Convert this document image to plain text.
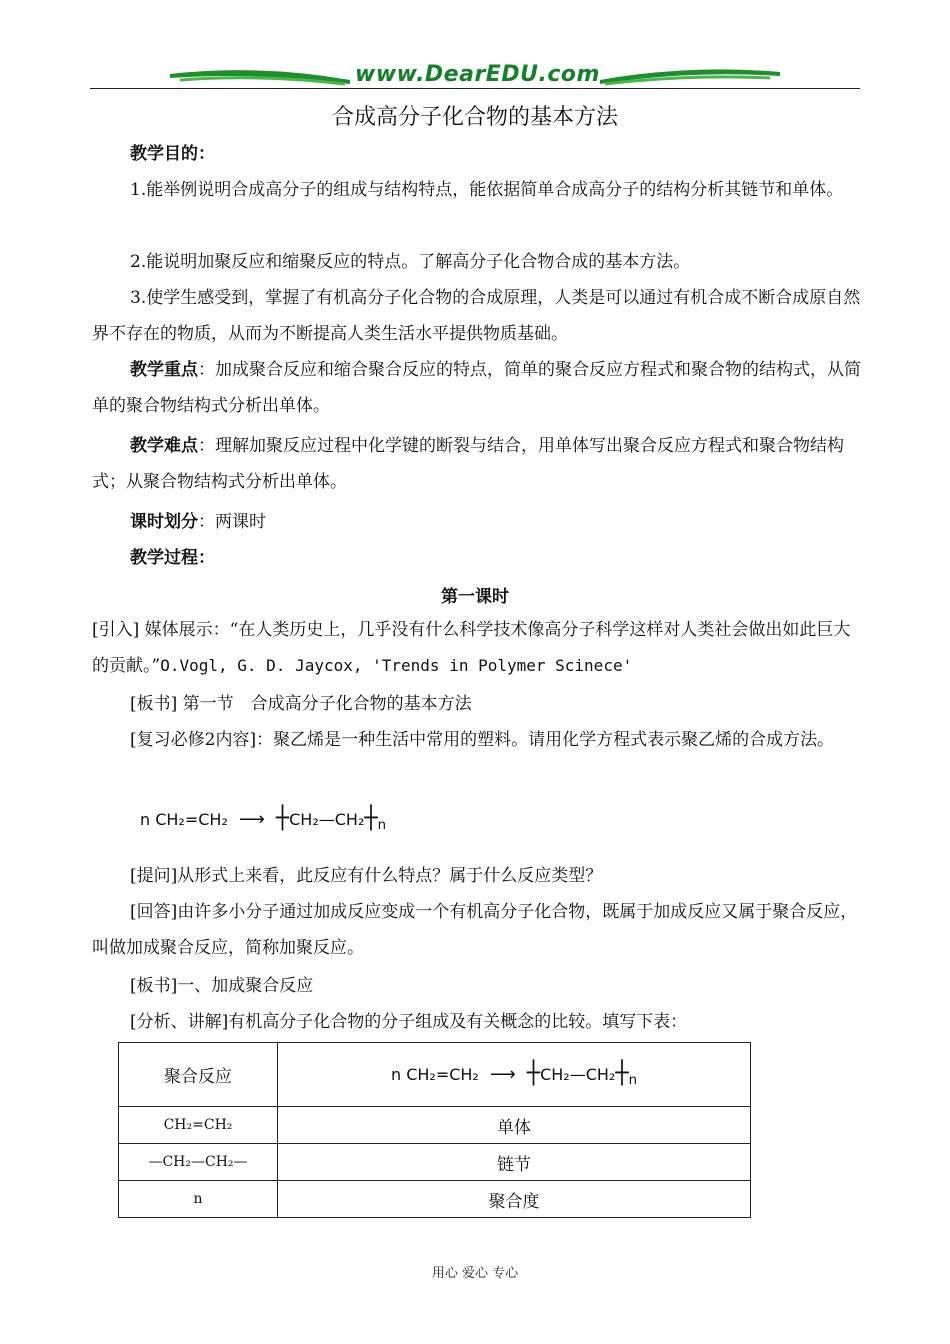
www.DearEDU.com
合成高分子化合物的基本方法
教学目的：
1.能举例说明合成高分子的组成与结构特点，能依据简单合成高分子的结构分析其链节和单体。
2.能说明加聚反应和缩聚反应的特点。了解高分子化合物合成的基本方法。
3.使学生感受到，掌握了有机高分子化合物的合成原理，人类是可以通过有机合成不断合成原自然界不存在的物质，从而为不断提高人类生活水平提供物质基础。
教学重点：加成聚合反应和缩合聚合反应的特点，简单的聚合反应方程式和聚合物的结构式，从简单的聚合物结构式分析出单体。
教学难点：理解加聚反应过程中化学键的断裂与结合，用单体写出聚合反应方程式和聚合物结构式；从聚合物结构式分析出单体。
课时划分：两课时
教学过程：
第一课时
[引入] 媒体展示：“在人类历史上，几乎没有什么科学技术像高分子科学这样对人类社会做出如此巨大的贡献。”O.Vogl, G. D. Jaycox, 'Trends in Polymer Scinece'
[板书] 第一节　合成高分子化合物的基本方法
[复习必修2内容]：聚乙烯是一种生活中常用的塑料。请用化学方程式表示聚乙烯的合成方法。
n CH₂=CH₂ ⟶ $┼CH_2—CH_2┼_n$
[提问]从形式上来看，此反应有什么特点？属于什么反应类型？
[回答]由许多小分子通过加成反应变成一个有机高分子化合物，既属于加成反应又属于聚合反应，叫做加成聚合反应，简称加聚反应。
[板书]一、加成聚合反应
[分析、讲解]有机高分子化合物的分子组成及有关概念的比较。填写下表：
聚合反应	n CH₂=CH₂ ⟶ $┼CH_2—CH_2┼_n$
CH₂=CH₂	单体
—CH₂—CH₂—	链节
n	聚合度
用心 爱心 专心
